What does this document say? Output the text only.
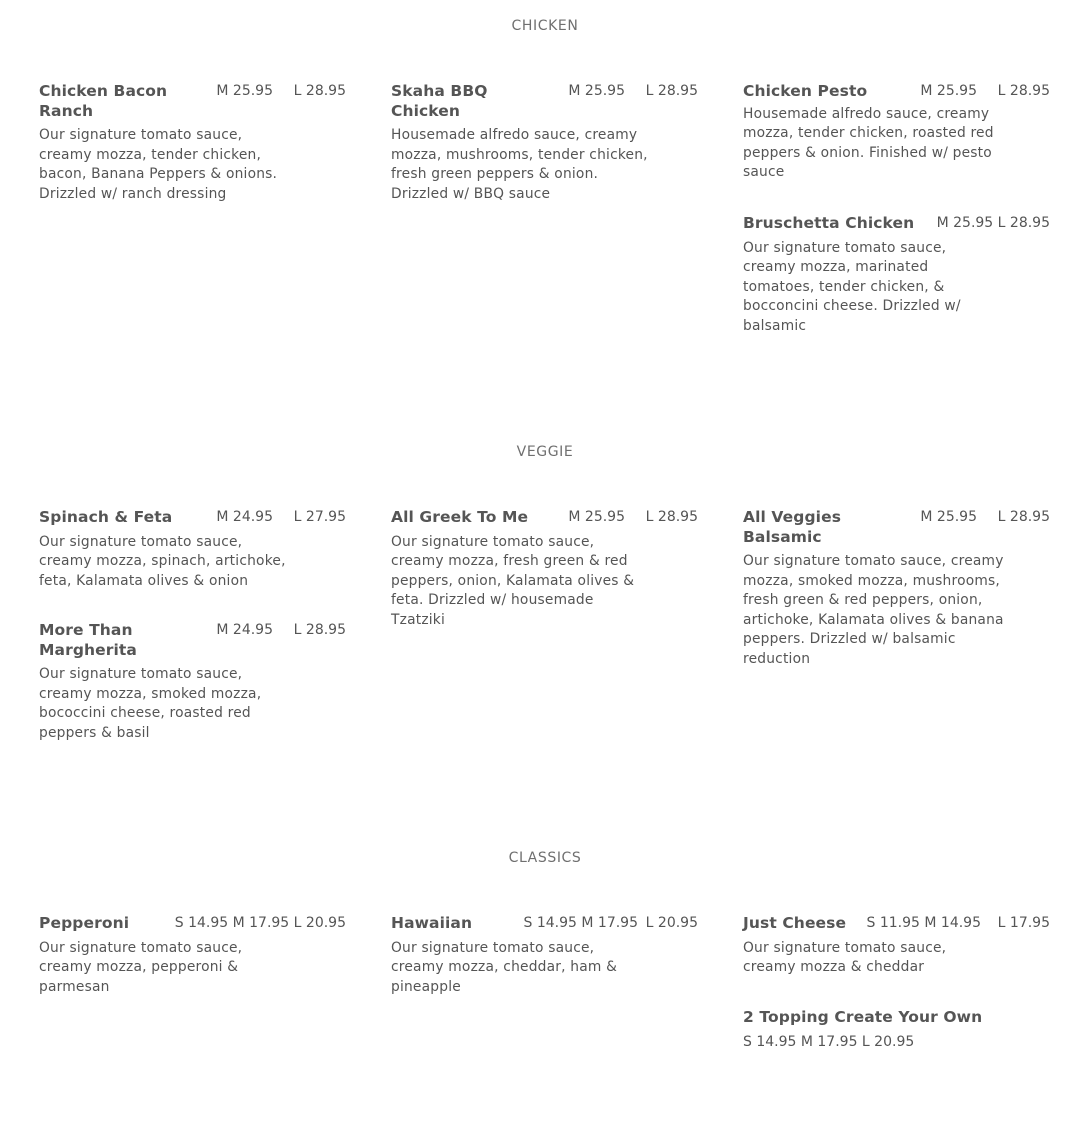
CHICKEN
Chicken Bacon Ranch
M 25.95 L 28.95
Our signature tomato sauce, creamy mozza, tender chicken, bacon, Banana Peppers & onions. Drizzled w/ ranch dressing
Skaha BBQ Chicken
M 25.95 L 28.95
Housemade alfredo sauce, creamy mozza, mushrooms, tender chicken, fresh green peppers & onion. Drizzled w/ BBQ sauce
Chicken Pesto	M 25.95 L 28.95
Housemade alfredo sauce, creamy mozza, tender chicken, roasted red peppers & onion. Finished w/ pesto sauce
Bruschetta Chicken	M 25.95 L 28.95
Our signature tomato sauce, creamy mozza, marinated tomatoes, tender chicken, & bocconcini cheese. Drizzled w/ balsamic
VEGGIE
Spinach & Feta	M 24.95 L 27.95
Our signature tomato sauce, creamy mozza, spinach, artichoke, feta, Kalamata olives & onion
More Than Margherita
M 24.95 L 28.95
Our signature tomato sauce, creamy mozza, smoked mozza, bococcini cheese, roasted red peppers & basil
All Greek To Me	M 25.95 L 28.95
Our signature tomato sauce, creamy mozza, fresh green & red peppers, onion, Kalamata olives & feta. Drizzled w/ housemade Tzatziki
All Veggies Balsamic
M 25.95 L 28.95
Our signature tomato sauce, creamy mozza, smoked mozza, mushrooms, fresh green & red peppers, onion, artichoke, Kalamata olives & banana peppers. Drizzled w/ balsamic reduction
CLASSICS
Pepperoni	S 14.95 M 17.95 L 20.95
Our signature tomato sauce, creamy mozza, pepperoni & parmesan
Hawaiian	S 14.95 M 17.95 L 20.95
Our signature tomato sauce, creamy mozza, cheddar, ham & pineapple
Just Cheese	S 11.95 M 14.95 L 17.95
Our signature tomato sauce, creamy mozza & cheddar
2 Topping Create Your Own
S 14.95 M 17.95 L 20.95
